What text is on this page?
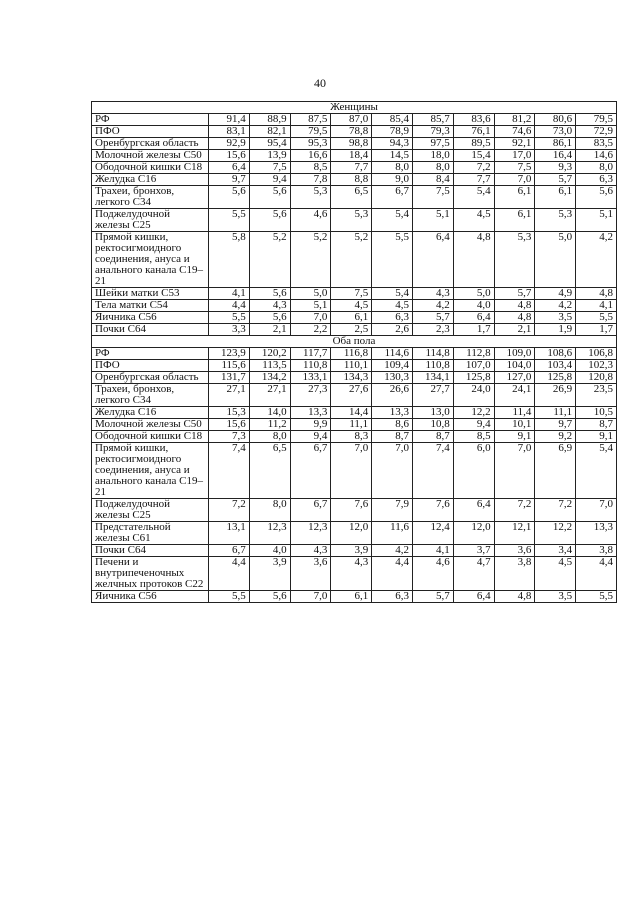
40
Женщины										
РФ	91,4	88,9	87,5	87,0	85,4	85,7	83,6	81,2	80,6	79,5
ПФО	83,1	82,1	79,5	78,8	78,9	79,3	76,1	74,6	73,0	72,9
Оренбургская область	92,9	95,4	95,3	98,8	94,3	97,5	89,5	92,1	86,1	83,5
Молочной железы С50	15,6	13,9	16,6	18,4	14,5	18,0	15,4	17,0	16,4	14,6
Ободочной кишки С18	6,4	7,5	8,5	7,7	8,0	8,0	7,2	7,5	9,3	8,0
Желудка С16	9,7	9,4	7,8	8,8	9,0	8,4	7,7	7,0	5,7	6,3
Трахеи, бронхов, легкого С34	5,6	5,6	5,3	6,5	6,7	7,5	5,4	6,1	6,1	5,6
Поджелудочной железы С25	5,5	5,6	4,6	5,3	5,4	5,1	4,5	6,1	5,3	5,1
Прямой кишки, ректосигмоидного соединения, ануса и анального канала С19–21	5,8	5,2	5,2	5,2	5,5	6,4	4,8	5,3	5,0	4,2
Шейки матки С53	4,1	5,6	5,0	7,5	5,4	4,3	5,0	5,7	4,9	4,8
Тела матки С54	4,4	4,3	5,1	4,5	4,5	4,2	4,0	4,8	4,2	4,1
Яичника С56	5,5	5,6	7,0	6,1	6,3	5,7	6,4	4,8	3,5	5,5
Почки С64	3,3	2,1	2,2	2,5	2,6	2,3	1,7	2,1	1,9	1,7
Оба пола										
РФ	123,9	120,2	117,7	116,8	114,6	114,8	112,8	109,0	108,6	106,8
ПФО	115,6	113,5	110,8	110,1	109,4	110,8	107,0	104,0	103,4	102,3
Оренбургская область	131,7	134,2	133,1	134,3	130,3	134,1	125,8	127,0	125,8	120,8
Трахеи, бронхов, легкого С34	27,1	27,1	27,3	27,6	26,6	27,7	24,0	24,1	26,9	23,5
Желудка С16	15,3	14,0	13,3	14,4	13,3	13,0	12,2	11,4	11,1	10,5
Молочной железы С50	15,6	11,2	9,9	11,1	8,6	10,8	9,4	10,1	9,7	8,7
Ободочной кишки С18	7,3	8,0	9,4	8,3	8,7	8,7	8,5	9,1	9,2	9,1
Прямой кишки, ректосигмоидного соединения, ануса и анального канала С19–21	7,4	6,5	6,7	7,0	7,0	7,4	6,0	7,0	6,9	5,4
Поджелудочной железы С25	7,2	8,0	6,7	7,6	7,9	7,6	6,4	7,2	7,2	7,0
Предстательной железы С61	13,1	12,3	12,3	12,0	11,6	12,4	12,0	12,1	12,2	13,3
Почки С64	6,7	4,0	4,3	3,9	4,2	4,1	3,7	3,6	3,4	3,8
Печени и внутрипеченочных желчных протоков С22	4,4	3,9	3,6	4,3	4,4	4,6	4,7	3,8	4,5	4,4
Яичника С56	5,5	5,6	7,0	6,1	6,3	5,7	6,4	4,8	3,5	5,5
